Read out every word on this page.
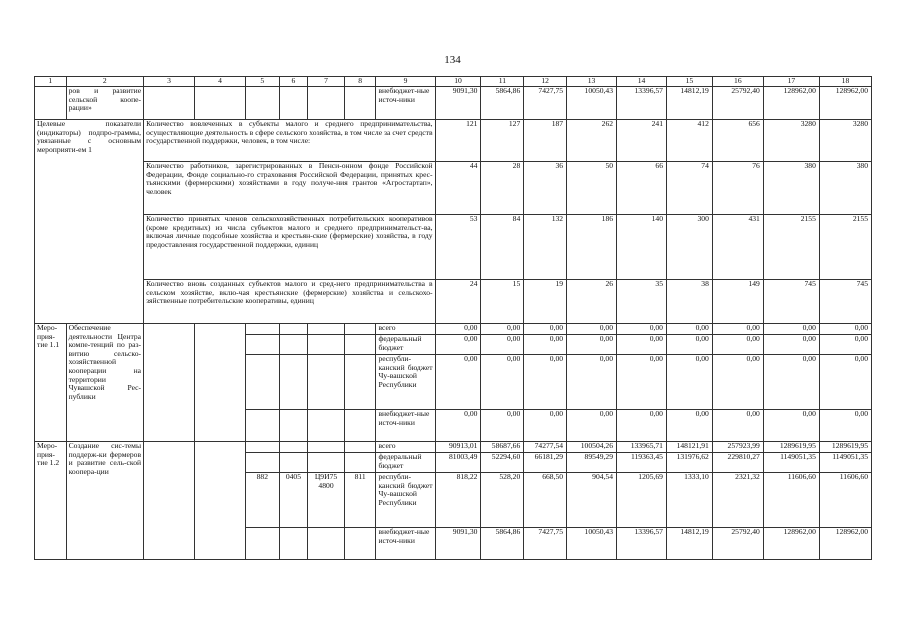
134
1	2	3	4	5	6	7	8	9	10	11	12	13	14	15	16	17	18
	ров и развитие сельской коопе-рации»							внебюджет-ные источ-ники	9091,30	5864,86	7427,75	10050,43	13396,57	14812,19	25792,40	128962,00	128962,00
Целевые показатели (индикаторы) подпро-граммы, увязанные с основным мероприяти-ем 1		Количество вовлеченных в субъекты малого и среднего предпринимательства, осуществляющие деятельность в сфере сельского хозяйства, в том числе за счет средств государственной поддержки, человек, в том числе:							121	127	187	262	241	412	656	3280	3280
		Количество работников, зарегистрированных в Пенси-онном фонде Российской Федерации, Фонде социально-го страхования Российской Федерации, принятых крес-тьянскими (фермерскими) хозяйствами в году получе-ния грантов «Агростартап», человек							44	28	36	50	66	74	76	380	380
		Количество принятых членов сельскохозяйственных потребительских кооперативов (кроме кредитных) из числа субъектов малого и среднего предпринимательст-ва, включая личные подсобные хозяйства и крестьян-ские (фермерские) хозяйства, в году предоставления государственной поддержки, единиц							53	84	132	186	140	300	431	2155	2155
		Количество вновь созданных субъектов малого и сред-него предпринимательства в сельском хозяйстве, вклю-чая крестьянские (фермерские) хозяйства и сельскохо-зяйственные потребительские кооперативы, единиц							24	15	19	26	35	38	149	745	745
Меро-прия-тие 1.1	Обеспечение деятельности Центра компе-тенций по раз-витию сельско-хозяйственной кооперации на территории Чувашской Рес-публики							всего	0,00	0,00	0,00	0,00	0,00	0,00	0,00	0,00	0,00
								федеральный бюджет	0,00	0,00	0,00	0,00	0,00	0,00	0,00	0,00	0,00
								республи-канский бюджет Чу-вашской Республики	0,00	0,00	0,00	0,00	0,00	0,00	0,00	0,00	0,00
								внебюджет-ные источ-ники	0,00	0,00	0,00	0,00	0,00	0,00	0,00	0,00	0,00
Меро-прия-тие 1.2	Создание сис-темы поддерж-ки фермеров и развитие сель-ской коопера-ции							всего	90913,01	58687,66	74277,54	100504,26	133965,71	148121,91	257923,99	1289619,95	1289619,95
								федеральный бюджет	81003,49	52294,60	66181,29	89549,29	119363,45	131976,62	229810,27	1149051,35	1149051,35
				882	0405	Ц9И75 4800	811	республи-канский бюджет Чу-вашской Республики	818,22	528,20	668,50	904,54	1205,69	1333,10	2321,32	11606,60	11606,60
								внебюджет-ные источ-ники	9091,30	5864,86	7427,75	10050,43	13396,57	14812,19	25792,40	128962,00	128962,00
